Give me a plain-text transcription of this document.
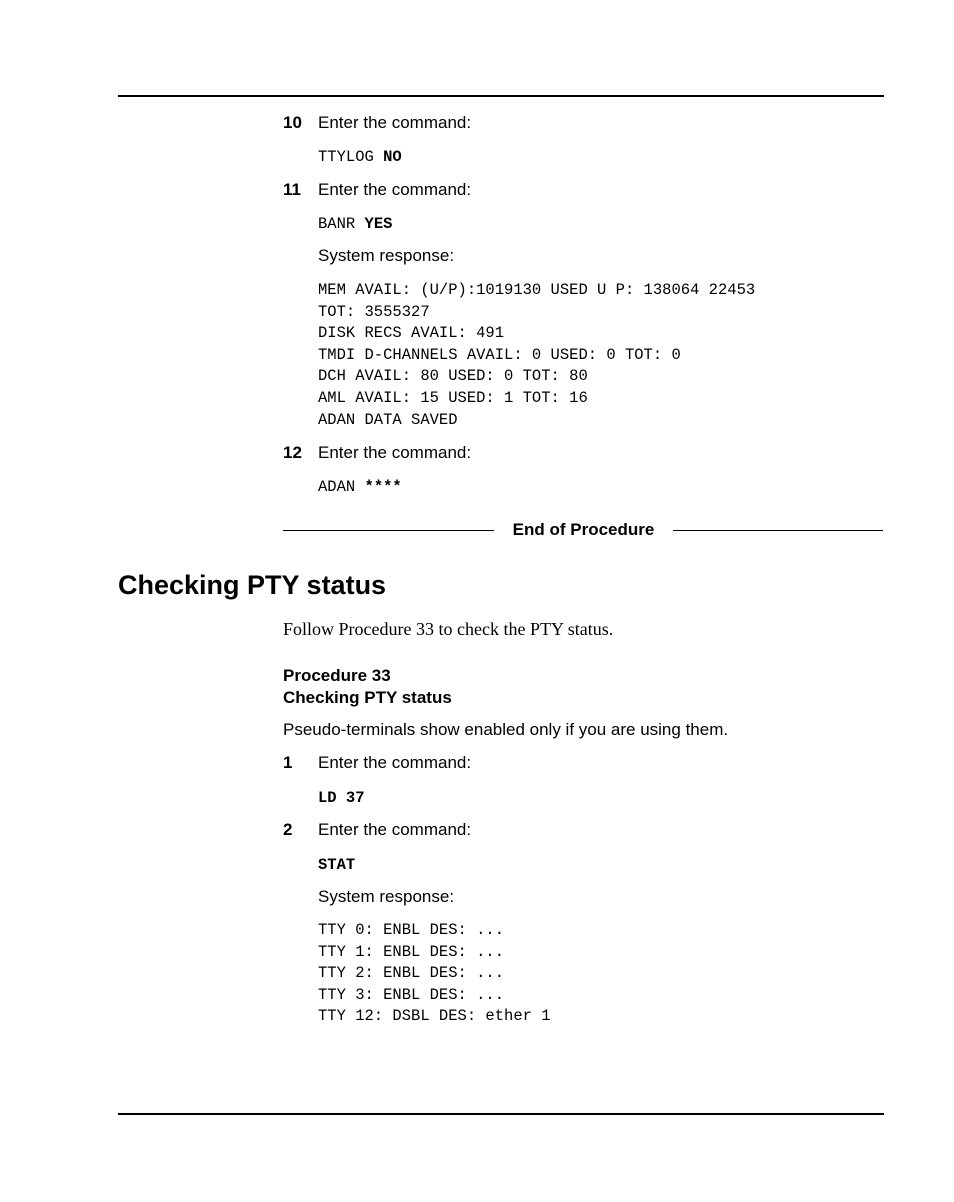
10 Enter the command:
TTYLOG NO
11	Enter the command:
BANR YES
System response:
MEM AVAIL: (U/P):1019130 USED U P: 138064 22453
TOT: 3555327
DISK RECS AVAIL: 491
TMDI D-CHANNELS AVAIL: 0 USED: 0 TOT: 0
DCH AVAIL: 80 USED: 0 TOT: 80
AML AVAIL: 15 USED: 1 TOT: 16
ADAN DATA SAVED
12 Enter the command:
ADAN ****
End of Procedure
Checking PTY status
Follow Procedure 33 to check the PTY status.
Procedure 33
Checking PTY status
Pseudo-terminals show enabled only if you are using them.
1	Enter the command:
LD 37
2	Enter the command:
STAT
System response:
TTY 0: ENBL DES: ...
TTY 1: ENBL DES: ...
TTY 2: ENBL DES: ...
TTY 3: ENBL DES: ...
TTY 12: DSBL DES: ether 1
